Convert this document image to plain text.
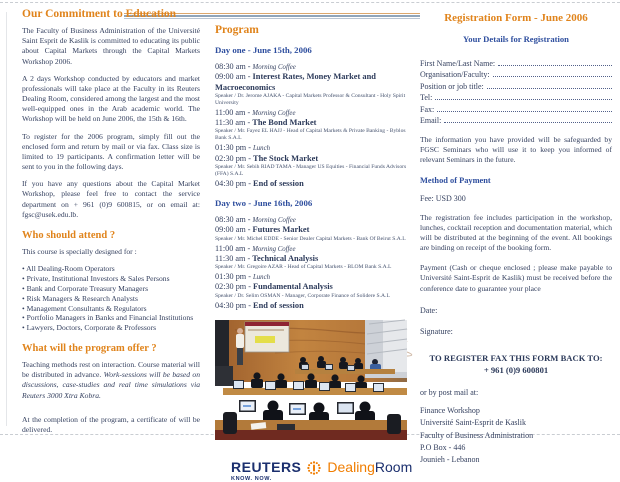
Our Commitment to Education

The Faculty of Business Administration of the Université Saint Esprit de Kaslik is committed to educating its public about Capital Markets through the Capital Markets Workshop 2006.

A 2 days Workshop conducted by educators and market professionals will take place at the Faculty in its Reuters Dealing Room, considered among the largest and the most well-equipped ones in the Arab academic world. The Workshop will be held on June 2006, the 15th & 16th.

To register for the 2006 program, simply fill out the enclosed form and return by mail or via fax. Class size is limited to 19 participants. A confirmation letter will be sent to you in the following days.

If you have any questions about the Capital Market Workshop, please feel free to contact the service department on + 961 (0)9 600815, or on email at: fgsc@usek.edu.lb.

Who should attend ?

This course is specially designed for :

• All Dealing-Room Operators
• Private, Institutional Investors & Sales Persons
• Bank and Corporate Treasury Managers
• Risk Managers & Research Analysts
• Management Consultants & Regulators
• Portfolio Managers in Banks and Financial Institutions
• Lawyers, Doctors, Corporate & Professors
What will the program offer ?

Teaching methods rest on interaction. Course material will be distributed in advance. Work-sessions will be based on discussions, case-studies and real time simulations via Reuters 3000 Xtra Kobra.

At the completion of the program, a certificate of will be delivered.

Program
Day one - June 15th, 2006
08:30 am - Morning Coffee
09:00 am - Interest Rates, Money Market and Macroeconomics
Speaker / Dr. Jerome AJAKA - Capital Markets Professor & Consultant - Holy Spirit University
11:00 am - Morning Coffee
11:30 am - The Bond Market
Speaker / Mr. Fayez EL HAJJ - Head of Capital Markets & Private Banking - Byblos Bank S.A.L
01:30 pm - Lunch
02:30 pm - The Stock Market
Speaker / Mr. Sebih RIAD TAMA - Manager US Equities - Financial Funds Advisors (FFA) S.A.L
04:30 pm - End of session
Day two - June 16th, 2006
08:30 am - Morning Coffee
09:00 am - Futures Market
Speaker / Mr. Michel EDDE - Senior Dealer Capital Markets - Bank Of Beirut S.A.L
11:00 am - Morning Coffee
11:30 am - Technical Analysis
Speaker / Mr. Gregoire AZAR - Head of Capital Markets - BLOM Bank S.A.L
01:30 pm - Lunch
02:30 pm - Fundamental Analysis
Speaker / Dr. Selim OSMAN - Manager, Corporate Finance of Solidere S.A.L
04:30 pm - End of session
REUTERS
KNOW. NOW.
DealingRoom
Registration Form - June 2006
Your Details for Registration
First Name/Last Name:
Organisation/Faculty:
Position or job title:
Tel:
Fax:
Email:

The information you have provided will be safeguarded by FGSC Seminars who will use it to keep you informed of relevant Seminars in the future.

Method of Payment
Fee: USD 300

The registration fee includes participation in the workshop, lunches, cocktail reception and documentation material, which will be distributed at the beginning of the event. All bookings are binding on receipt of the booking form.

Payment (Cash or cheque enclosed ; please make payable to Université Saint-Esprit de Kaslik) must be received before the conference date to guarantee your place

Date:
Signature:
TO REGISTER FAX THIS FORM BACK TO:
+ 961 (0)9 600801
or by post mail at:
Finance Workshop
Université Saint-Esprit de Kaslik
Faculty of Business Administration
P.O Box - 446
Jounieh - Lebanon
